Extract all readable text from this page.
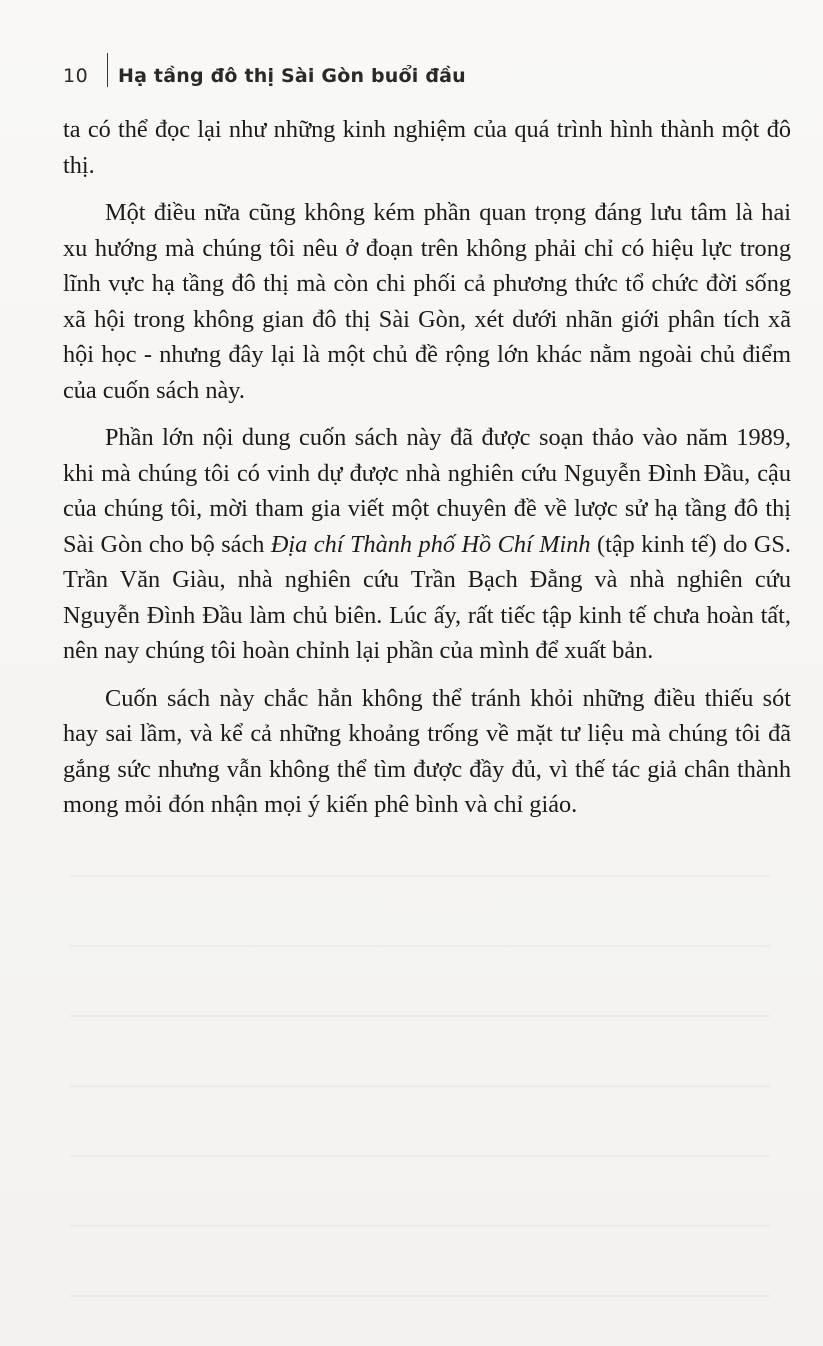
10	Hạ tầng đô thị Sài Gòn buổi đầu

ta có thể đọc lại như những kinh nghiệm của quá trình hình thành một đô thị.

Một điều nữa cũng không kém phần quan trọng đáng lưu tâm là hai xu hướng mà chúng tôi nêu ở đoạn trên không phải chỉ có hiệu lực trong lĩnh vực hạ tầng đô thị mà còn chi phối cả phương thức tổ chức đời sống xã hội trong không gian đô thị Sài Gòn, xét dưới nhãn giới phân tích xã hội học - nhưng đây lại là một chủ đề rộng lớn khác nằm ngoài chủ điểm của cuốn sách này.

Phần lớn nội dung cuốn sách này đã được soạn thảo vào năm 1989, khi mà chúng tôi có vinh dự được nhà nghiên cứu Nguyễn Đình Đầu, cậu của chúng tôi, mời tham gia viết một chuyên đề về lược sử hạ tầng đô thị Sài Gòn cho bộ sách Địa chí Thành phố Hồ Chí Minh (tập kinh tế) do GS. Trần Văn Giàu, nhà nghiên cứu Trần Bạch Đằng và nhà nghiên cứu Nguyễn Đình Đầu làm chủ biên. Lúc ấy, rất tiếc tập kinh tế chưa hoàn tất, nên nay chúng tôi hoàn chỉnh lại phần của mình để xuất bản.

Cuốn sách này chắc hẳn không thể tránh khỏi những điều thiếu sót hay sai lầm, và kể cả những khoảng trống về mặt tư liệu mà chúng tôi đã gắng sức nhưng vẫn không thể tìm được đầy đủ, vì thế tác giả chân thành mong mỏi đón nhận mọi ý kiến phê bình và chỉ giáo.
